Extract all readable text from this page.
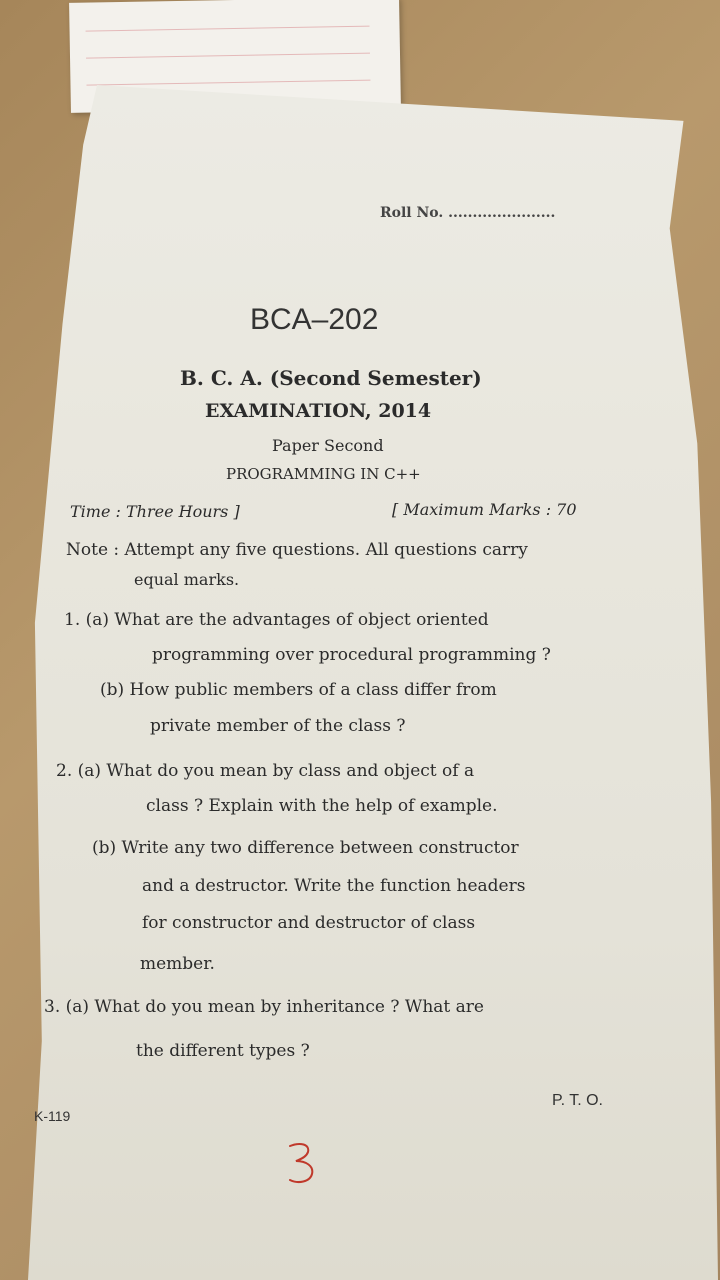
Roll No. ......................
BCA–202
B. C. A. (Second Semester)
EXAMINATION, 2014
Paper Second
PROGRAMMING IN C++
Time : Three Hours ]	[ Maximum Marks : 70
Note : Attempt any five questions. All questions carry
equal marks.
1. (a) What are the advantages of object oriented
programming over procedural programming ?
(b) How public members of a class differ from
private member of the class ?
2. (a) What do you mean by class and object of a
class ? Explain with the help of example.
(b) Write any two difference between constructor
and a destructor. Write the function headers
for constructor and destructor of class
member.
3. (a) What do you mean by inheritance ? What are
the different types ?
K-119
P. T. O.
